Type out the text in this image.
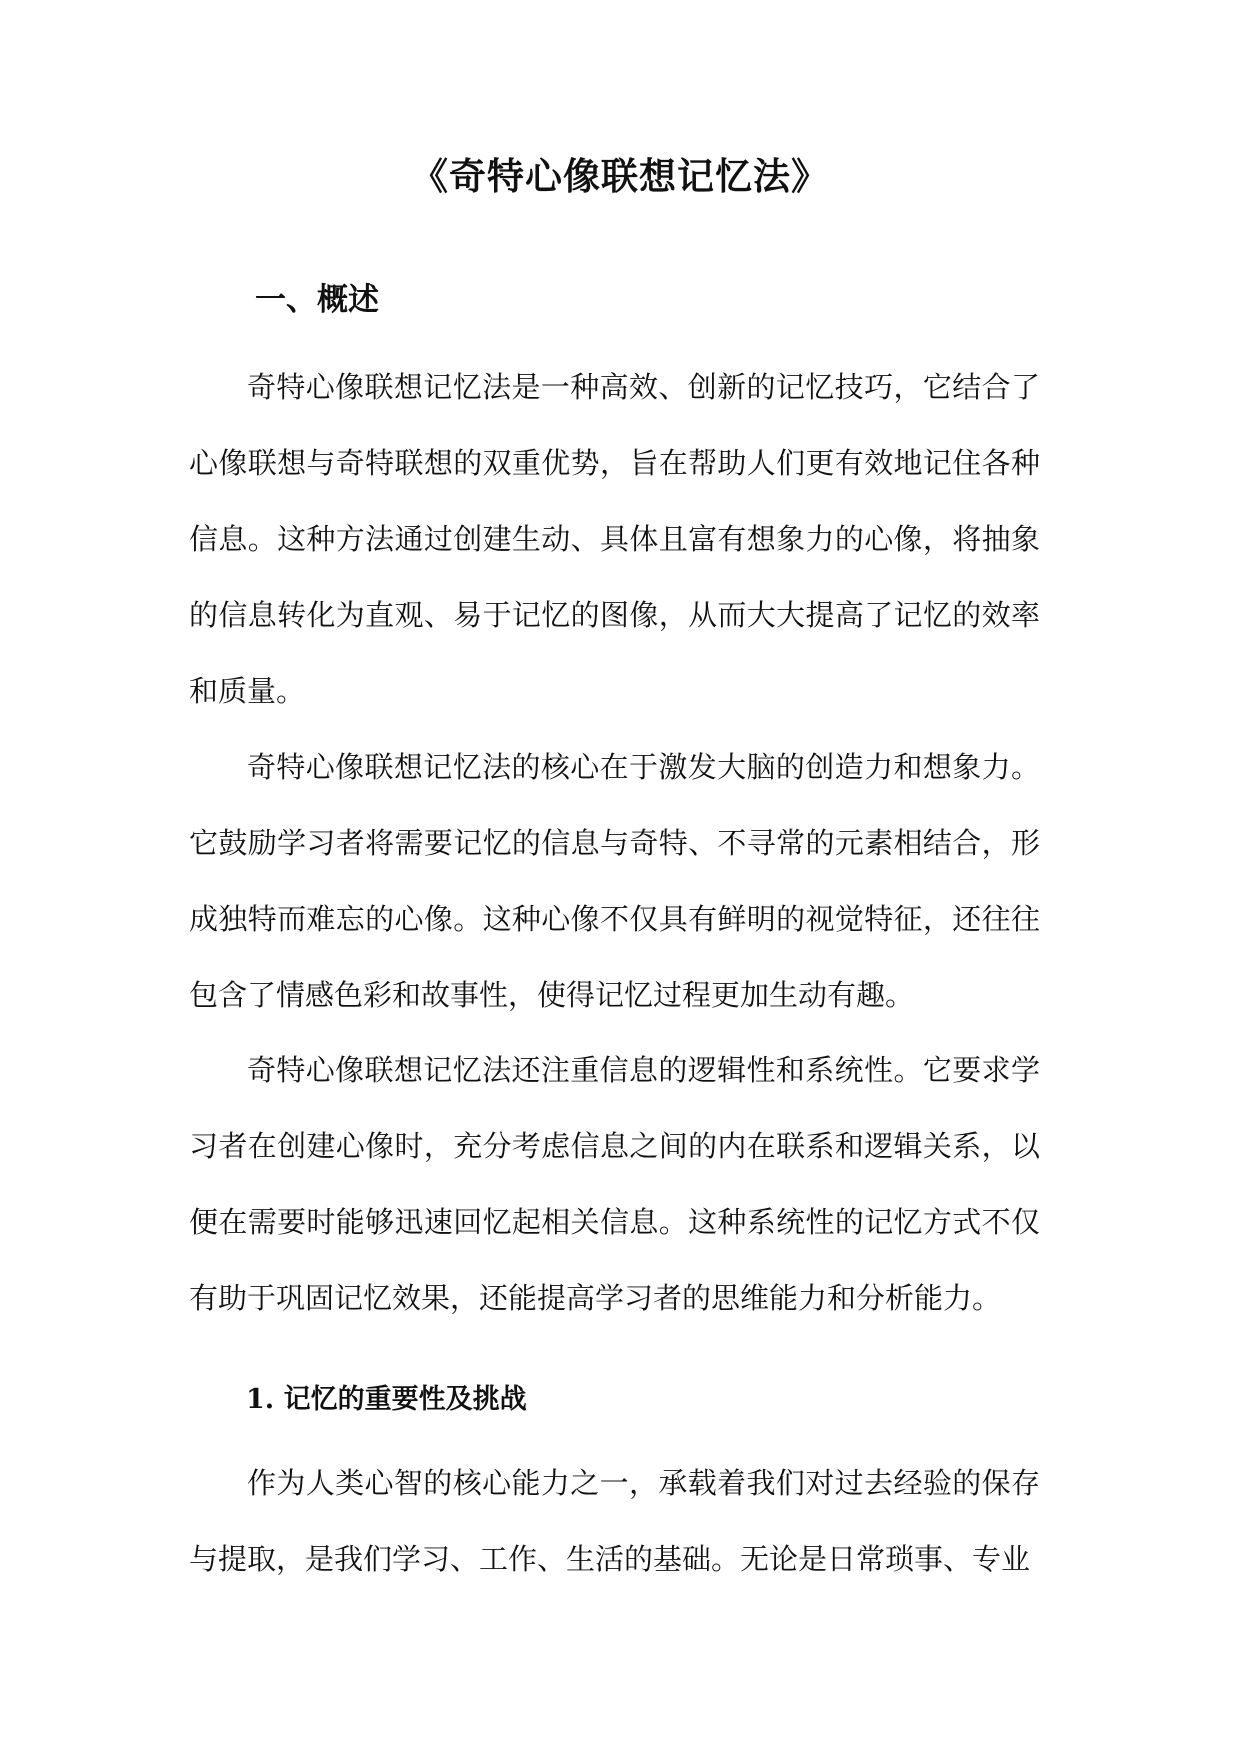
《奇特心像联想记忆法》
一、概述

奇特心像联想记忆法是一种高效、创新的记忆技巧，它结合了心像联想与奇特联想的双重优势，旨在帮助人们更有效地记住各种信息。这种方法通过创建生动、具体且富有想象力的心像，将抽象的信息转化为直观、易于记忆的图像，从而大大提高了记忆的效率和质量。

奇特心像联想记忆法的核心在于激发大脑的创造力和想象力。它鼓励学习者将需要记忆的信息与奇特、不寻常的元素相结合，形成独特而难忘的心像。这种心像不仅具有鲜明的视觉特征，还往往包含了情感色彩和故事性，使得记忆过程更加生动有趣。

奇特心像联想记忆法还注重信息的逻辑性和系统性。它要求学习者在创建心像时，充分考虑信息之间的内在联系和逻辑关系，以便在需要时能够迅速回忆起相关信息。这种系统性的记忆方式不仅有助于巩固记忆效果，还能提高学习者的思维能力和分析能力。

1. 记忆的重要性及挑战

作为人类心智的核心能力之一，承载着我们对过去经验的保存与提取，是我们学习、工作、生活的基础。无论是日常琐事、专业
